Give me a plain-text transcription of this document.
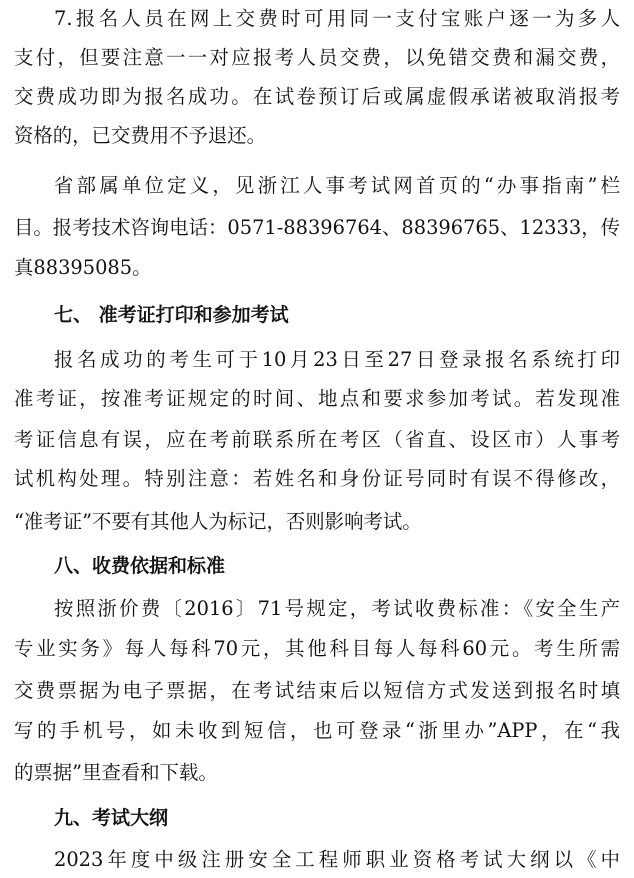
7.报名人员在网上交费时可用同一支付宝账户逐一为多人
支付，但要注意一一对应报考人员交费，以免错交费和漏交费，
交费成功即为报名成功。在试卷预订后或属虚假承诺被取消报考
资格的，已交费用不予退还。
省部属单位定义，见浙江人事考试网首页的“办事指南”栏
目。报考技术咨询电话：0571-88396764、88396765、12333，传
真88395085。
七、 准考证打印和参加考试
报名成功的考生可于10月23日至27日登录报名系统打印
准考证，按准考证规定的时间、地点和要求参加考试。若发现准
考证信息有误，应在考前联系所在考区（省直、设区市）人事考
试机构处理。特别注意：若姓名和身份证号同时有误不得修改，
“准考证”不要有其他人为标记，否则影响考试。
八、收费依据和标准
按照浙价费〔2016〕71号规定，考试收费标准：《安全生产
专业实务》每人每科70元，其他科目每人每科60元。考生所需
交费票据为电子票据，在考试结束后以短信方式发送到报名时填
写的手机号，如未收到短信，也可登录“浙里办”APP，在“我
的票据”里查看和下载。
九、考试大纲
2023年度中级注册安全工程师职业资格考试大纲以《中
